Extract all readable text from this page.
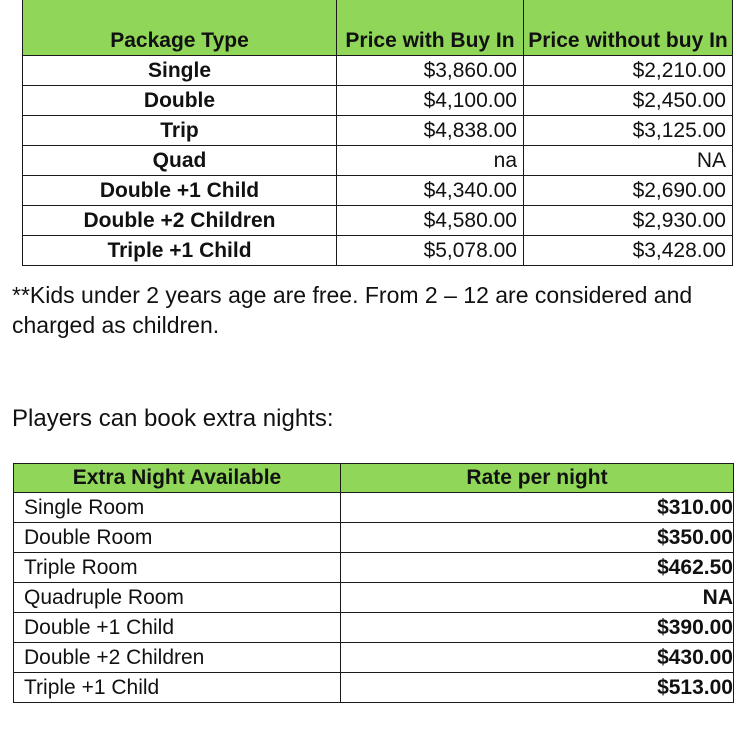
Package Type	Price with Buy In	Price without buy In
Single	$3,860.00	$2,210.00
Double	$4,100.00	$2,450.00
Trip	$4,838.00	$3,125.00
Quad	na	NA
Double +1 Child	$4,340.00	$2,690.00
Double +2 Children	$4,580.00	$2,930.00
Triple +1 Child	$5,078.00	$3,428.00

**Kids under 2 years age are free. From 2 – 12 are considered and charged as children.

Players can book extra nights:

Extra Night Available	Rate per night
Single Room	$310.00
Double Room	$350.00
Triple Room	$462.50
Quadruple Room	NA
Double +1 Child	$390.00
Double +2 Children	$430.00
Triple +1 Child	$513.00
